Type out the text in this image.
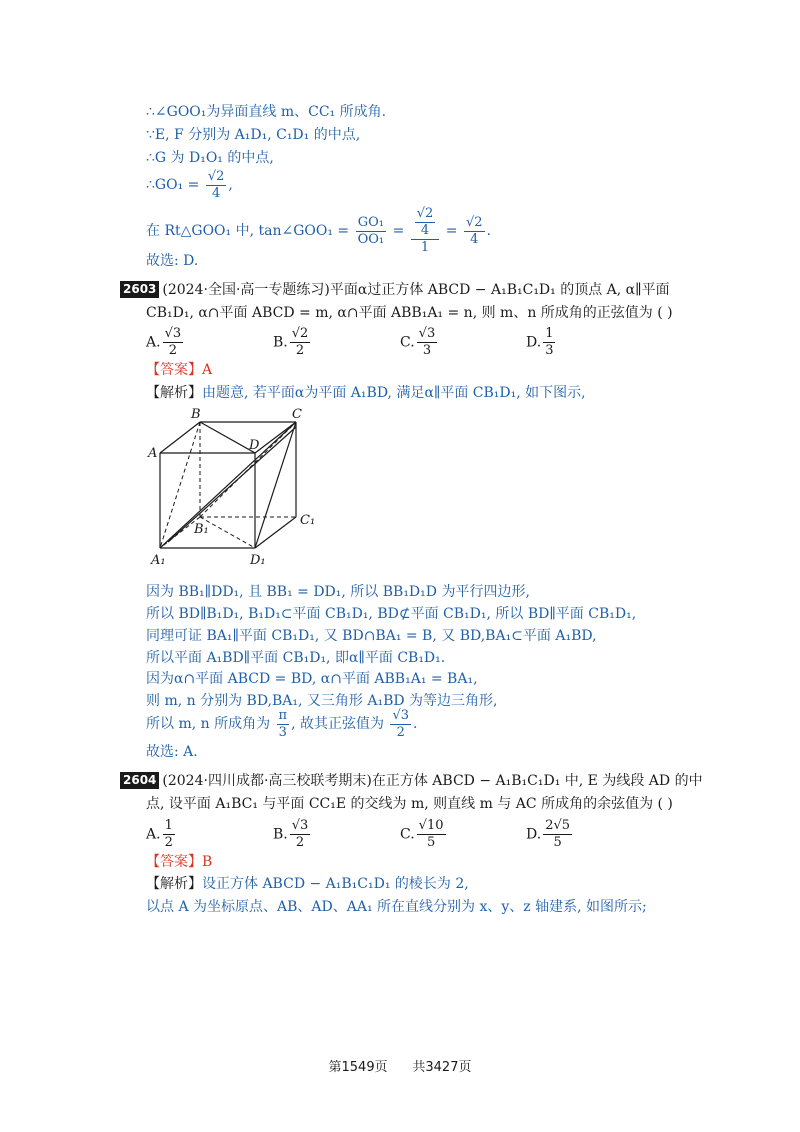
∴∠GOO₁为异面直线 m、CC₁ 所成角.
∵E, F 分别为 A₁D₁, C₁D₁ 的中点,
∴G 为 D₁O₁ 的中点,
∴GO₁ = $\frac{√2}{4}$ ,
在 Rt△GOO₁ 中, tan∠GOO₁ = $\frac{\text{GO₁}}{\text{OO₁}} = \frac{\frac{√2}{4}}{1} = \frac{√2}{4}$ .
故选: D.
2603 (2024·全国·高一专题练习)平面α过正方体 ABCD − A₁B₁C₁D₁ 的顶点 A, α∥平面
CB₁D₁, α∩平面 ABCD = m, α∩平面 ABB₁A₁ = n, 则 m、n 所成角的正弦值为 ( )
A. $\frac{√3}{2}$	B. $\frac{√2}{2}$	C. $\frac{√3}{3}$	D. $\frac{1}{3}$
【答案】A
【解析】由题意, 若平面α为平面 A₁BD, 满足α∥平面 CB₁D₁, 如下图示,
B	C
A
D
C₁
B₁
A₁	D₁
因为 BB₁∥DD₁, 且 BB₁ = DD₁, 所以 BB₁D₁D 为平行四边形,
所以 BD∥B₁D₁, B₁D₁⊂平面 CB₁D₁, BD⊄平面 CB₁D₁, 所以 BD∥平面 CB₁D₁,
同理可证 BA₁∥平面 CB₁D₁, 又 BD∩BA₁ = B, 又 BD,BA₁⊂平面 A₁BD,
所以平面 A₁BD∥平面 CB₁D₁, 即α∥平面 CB₁D₁.
因为α∩平面 ABCD = BD, α∩平面 ABB₁A₁ = BA₁,
则 m, n 分别为 BD,BA₁, 又三角形 A₁BD 为等边三角形,
所以 m, n 所成角为 $\frac{\pi}{3}$ , 故其正弦值为 $\frac{√3}{2}$ .
故选: A.
2604 (2024·四川成都·高三校联考期末)在正方体 ABCD − A₁B₁C₁D₁ 中, E 为线段 AD 的中
点, 设平面 A₁BC₁ 与平面 CC₁E 的交线为 m, 则直线 m 与 AC 所成角的余弦值为 ( )
A. $\frac{1}{2}$	B. $\frac{√3}{2}$	C. $\frac{√10}{5}$	D. $\frac{2√5}{5}$
【答案】B
【解析】设正方体 ABCD − A₁B₁C₁D₁ 的棱长为 2,
以点 A 为坐标原点、AB、AD、AA₁ 所在直线分别为 x、y、z 轴建系, 如图所示;
第1549页 共3427页
